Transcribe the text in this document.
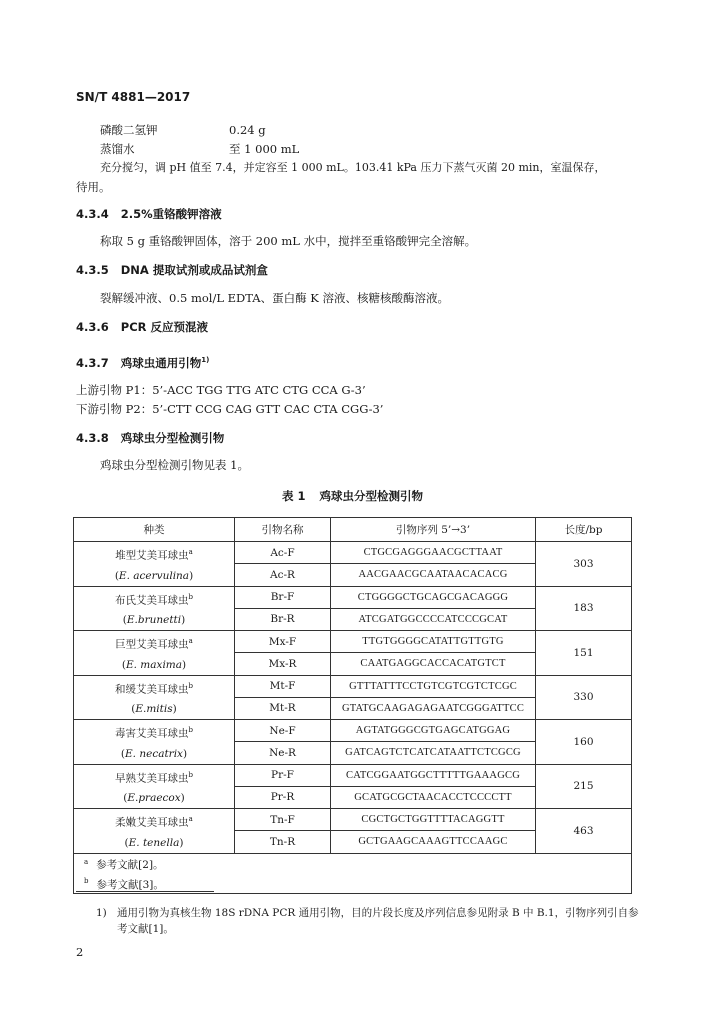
SN/T 4881—2017
磷酸二氢钾	0.24 g
蒸馏水	至 1 000 mL
充分搅匀，调 pH 值至 7.4，并定容至 1 000 mL。103.41 kPa 压力下蒸气灭菌 20 min，室温保存，
待用。
4.3.4 2.5%重铬酸钾溶液
称取 5 g 重铬酸钾固体，溶于 200 mL 水中，搅拌至重铬酸钾完全溶解。
4.3.5 DNA 提取试剂或成品试剂盒
裂解缓冲液、0.5 mol/L EDTA、蛋白酶 K 溶液、核糖核酸酶溶液。
4.3.6 PCR 反应预混液
4.3.7 鸡球虫通用引物$^{1)}$
上游引物 P1：5’-ACC TGG TTG ATC CTG CCA G-3’
下游引物 P2：5’-CTT CCG CAG GTT CAC CTA CGG-3’
4.3.8 鸡球虫分型检测引物
鸡球虫分型检测引物见表 1。
表 1 鸡球虫分型检测引物
种类	引物名称	引物序列 5’→3’	长度/bp
堆型艾美耳球虫$^a$
(E. acervulina)	Ac-F	CTGCGAGGGAACGCTTAAT	303
	Ac-R	AACGAACGCAATAACACACG	
布氏艾美耳球虫$^b$
(E.brunetti)	Br-F	CTGGGGCTGCAGCGACAGGG	183
	Br-R	ATCGATGGCCCCATCCCGCAT	
巨型艾美耳球虫$^a$
(E. maxima)	Mx-F	TTGTGGGGCATATTGTTGTG	151
	Mx-R	CAATGAGGCACCACATGTCT	
和缓艾美耳球虫$^b$
(E.mitis)	Mt-F	GTTTATTTCCTGTCGTCGTCTCGC	330
	Mt-R	GTATGCAAGAGAGAATCGGGATTCC	
毒害艾美耳球虫$^b$
(E. necatrix)	Ne-F	AGTATGGGCGTGAGCATGGAG	160
	Ne-R	GATCAGTCTCATCATAATTCTCGCG	
早熟艾美耳球虫$^b$
(E.praecox)	Pr-F	CATCGGAATGGCTTTTTGAAAGCG	215
	Pr-R	GCATGCGCTAACACCTCCCCTT	
柔嫩艾美耳球虫$^a$
(E. tenella)	Tn-F	CGCTGCTGGTTTTACAGGTT	463
	Tn-R	GCTGAAGCAAAGTTCCAAGC	

$^a$ 参考文献[2]。
$^b$ 参考文献[3]。			
1) 通用引物为真核生物 18S rDNA PCR 通用引物，目的片段长度及序列信息参见附录 B 中 B.1，引物序列引自参
考文献[1]。
2
